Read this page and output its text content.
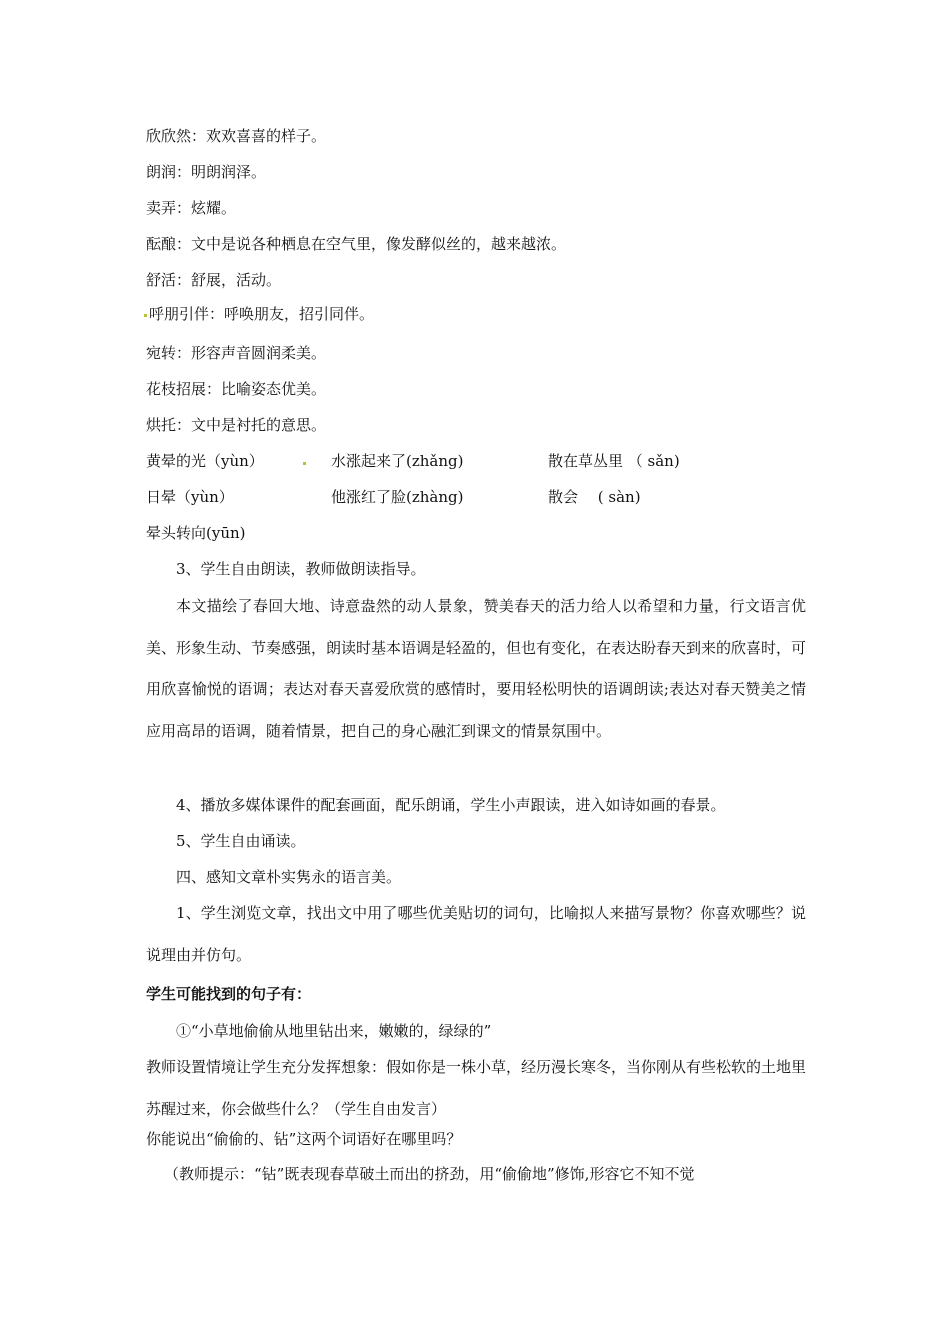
欣欣然：欢欢喜喜的样子。
朗润：明朗润泽。
卖弄：炫耀。
酝酿：文中是说各种栖息在空气里，像发酵似丝的，越来越浓。
舒活：舒展，活动。
呼朋引伴：呼唤朋友，招引同伴。
宛转：形容声音圆润柔美。
花枝招展：比喻姿态优美。
烘托：文中是衬托的意思。
黄晕的光（yùn）	水涨起来了(zhǎng)	散在草丛里 （ sǎn)
日晕（yùn）	他涨红了脸(zhàng)	散会 　( sàn)
晕头转向(yūn)
3、学生自由朗读，教师做朗读指导。
本文描绘了春回大地、诗意盎然的动人景象，赞美春天的活力给人以希望和力量，行文语言优美、形象生动、节奏感强，朗读时基本语调是轻盈的，但也有变化，在表达盼春天到来的欣喜时，可用欣喜愉悦的语调；表达对春天喜爱欣赏的感情时，要用轻松明快的语调朗读;表达对春天赞美之情应用高昂的语调，随着情景，把自己的身心融汇到课文的情景氛围中。
4、播放多媒体课件的配套画面，配乐朗诵，学生小声跟读，进入如诗如画的春景。
5、学生自由诵读。
四、感知文章朴实隽永的语言美。
1、学生浏览文章，找出文中用了哪些优美贴切的词句，比喻拟人来描写景物？你喜欢哪些？说说理由并仿句。
学生可能找到的句子有：
①“小草地偷偷从地里钻出来，嫩嫩的，绿绿的”
教师设置情境让学生充分发挥想象：假如你是一株小草，经历漫长寒冬，当你刚从有些松软的土地里苏醒过来，你会做些什么？（学生自由发言）
你能说出“偷偷的、钻”这两个词语好在哪里吗？
（教师提示：“钻”既表现春草破土而出的挤劲，用“偷偷地”修饰,形容它不知不觉
